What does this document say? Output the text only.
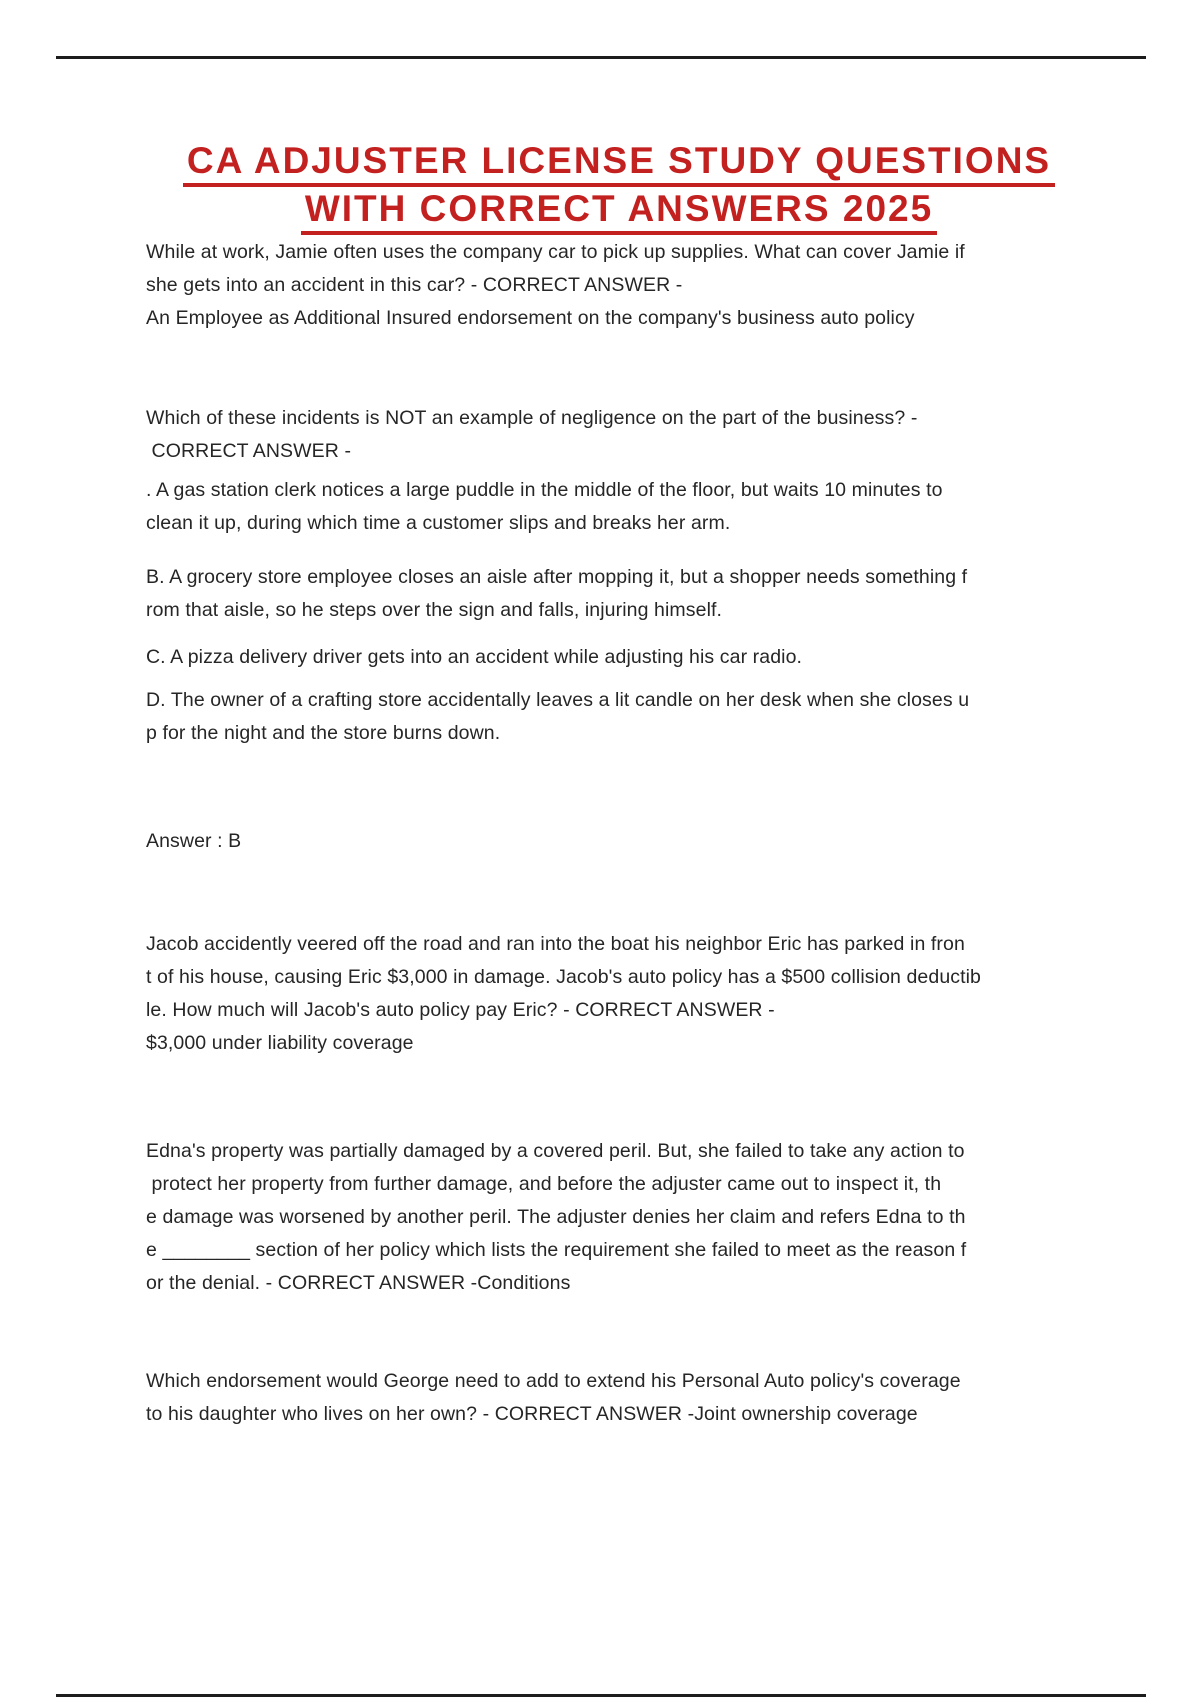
CA ADJUSTER LICENSE STUDY QUESTIONS
WITH CORRECT ANSWERS 2025
While at work, Jamie often uses the company car to pick up supplies. What can cover Jamie if
she gets into an accident in this car? - CORRECT ANSWER -
An Employee as Additional Insured endorsement on the company's business auto policy
Which of these incidents is NOT an example of negligence on the part of the business? -
CORRECT ANSWER -
. A gas station clerk notices a large puddle in the middle of the floor, but waits 10 minutes to
clean it up, during which time a customer slips and breaks her arm.
B. A grocery store employee closes an aisle after mopping it, but a shopper needs something f
rom that aisle, so he steps over the sign and falls, injuring himself.
C. A pizza delivery driver gets into an accident while adjusting his car radio.
D. The owner of a crafting store accidentally leaves a lit candle on her desk when she closes u
p for the night and the store burns down.
Answer : B
Jacob accidently veered off the road and ran into the boat his neighbor Eric has parked in fron
t of his house, causing Eric $3,000 in damage. Jacob's auto policy has a $500 collision deductib
le. How much will Jacob's auto policy pay Eric? - CORRECT ANSWER -
$3,000 under liability coverage
Edna's property was partially damaged by a covered peril. But, she failed to take any action to
protect her property from further damage, and before the adjuster came out to inspect it, th
e damage was worsened by another peril. The adjuster denies her claim and refers Edna to th
e ________ section of her policy which lists the requirement she failed to meet as the reason f
or the denial. - CORRECT ANSWER -Conditions
Which endorsement would George need to add to extend his Personal Auto policy's coverage
to his daughter who lives on her own? - CORRECT ANSWER -Joint ownership coverage
